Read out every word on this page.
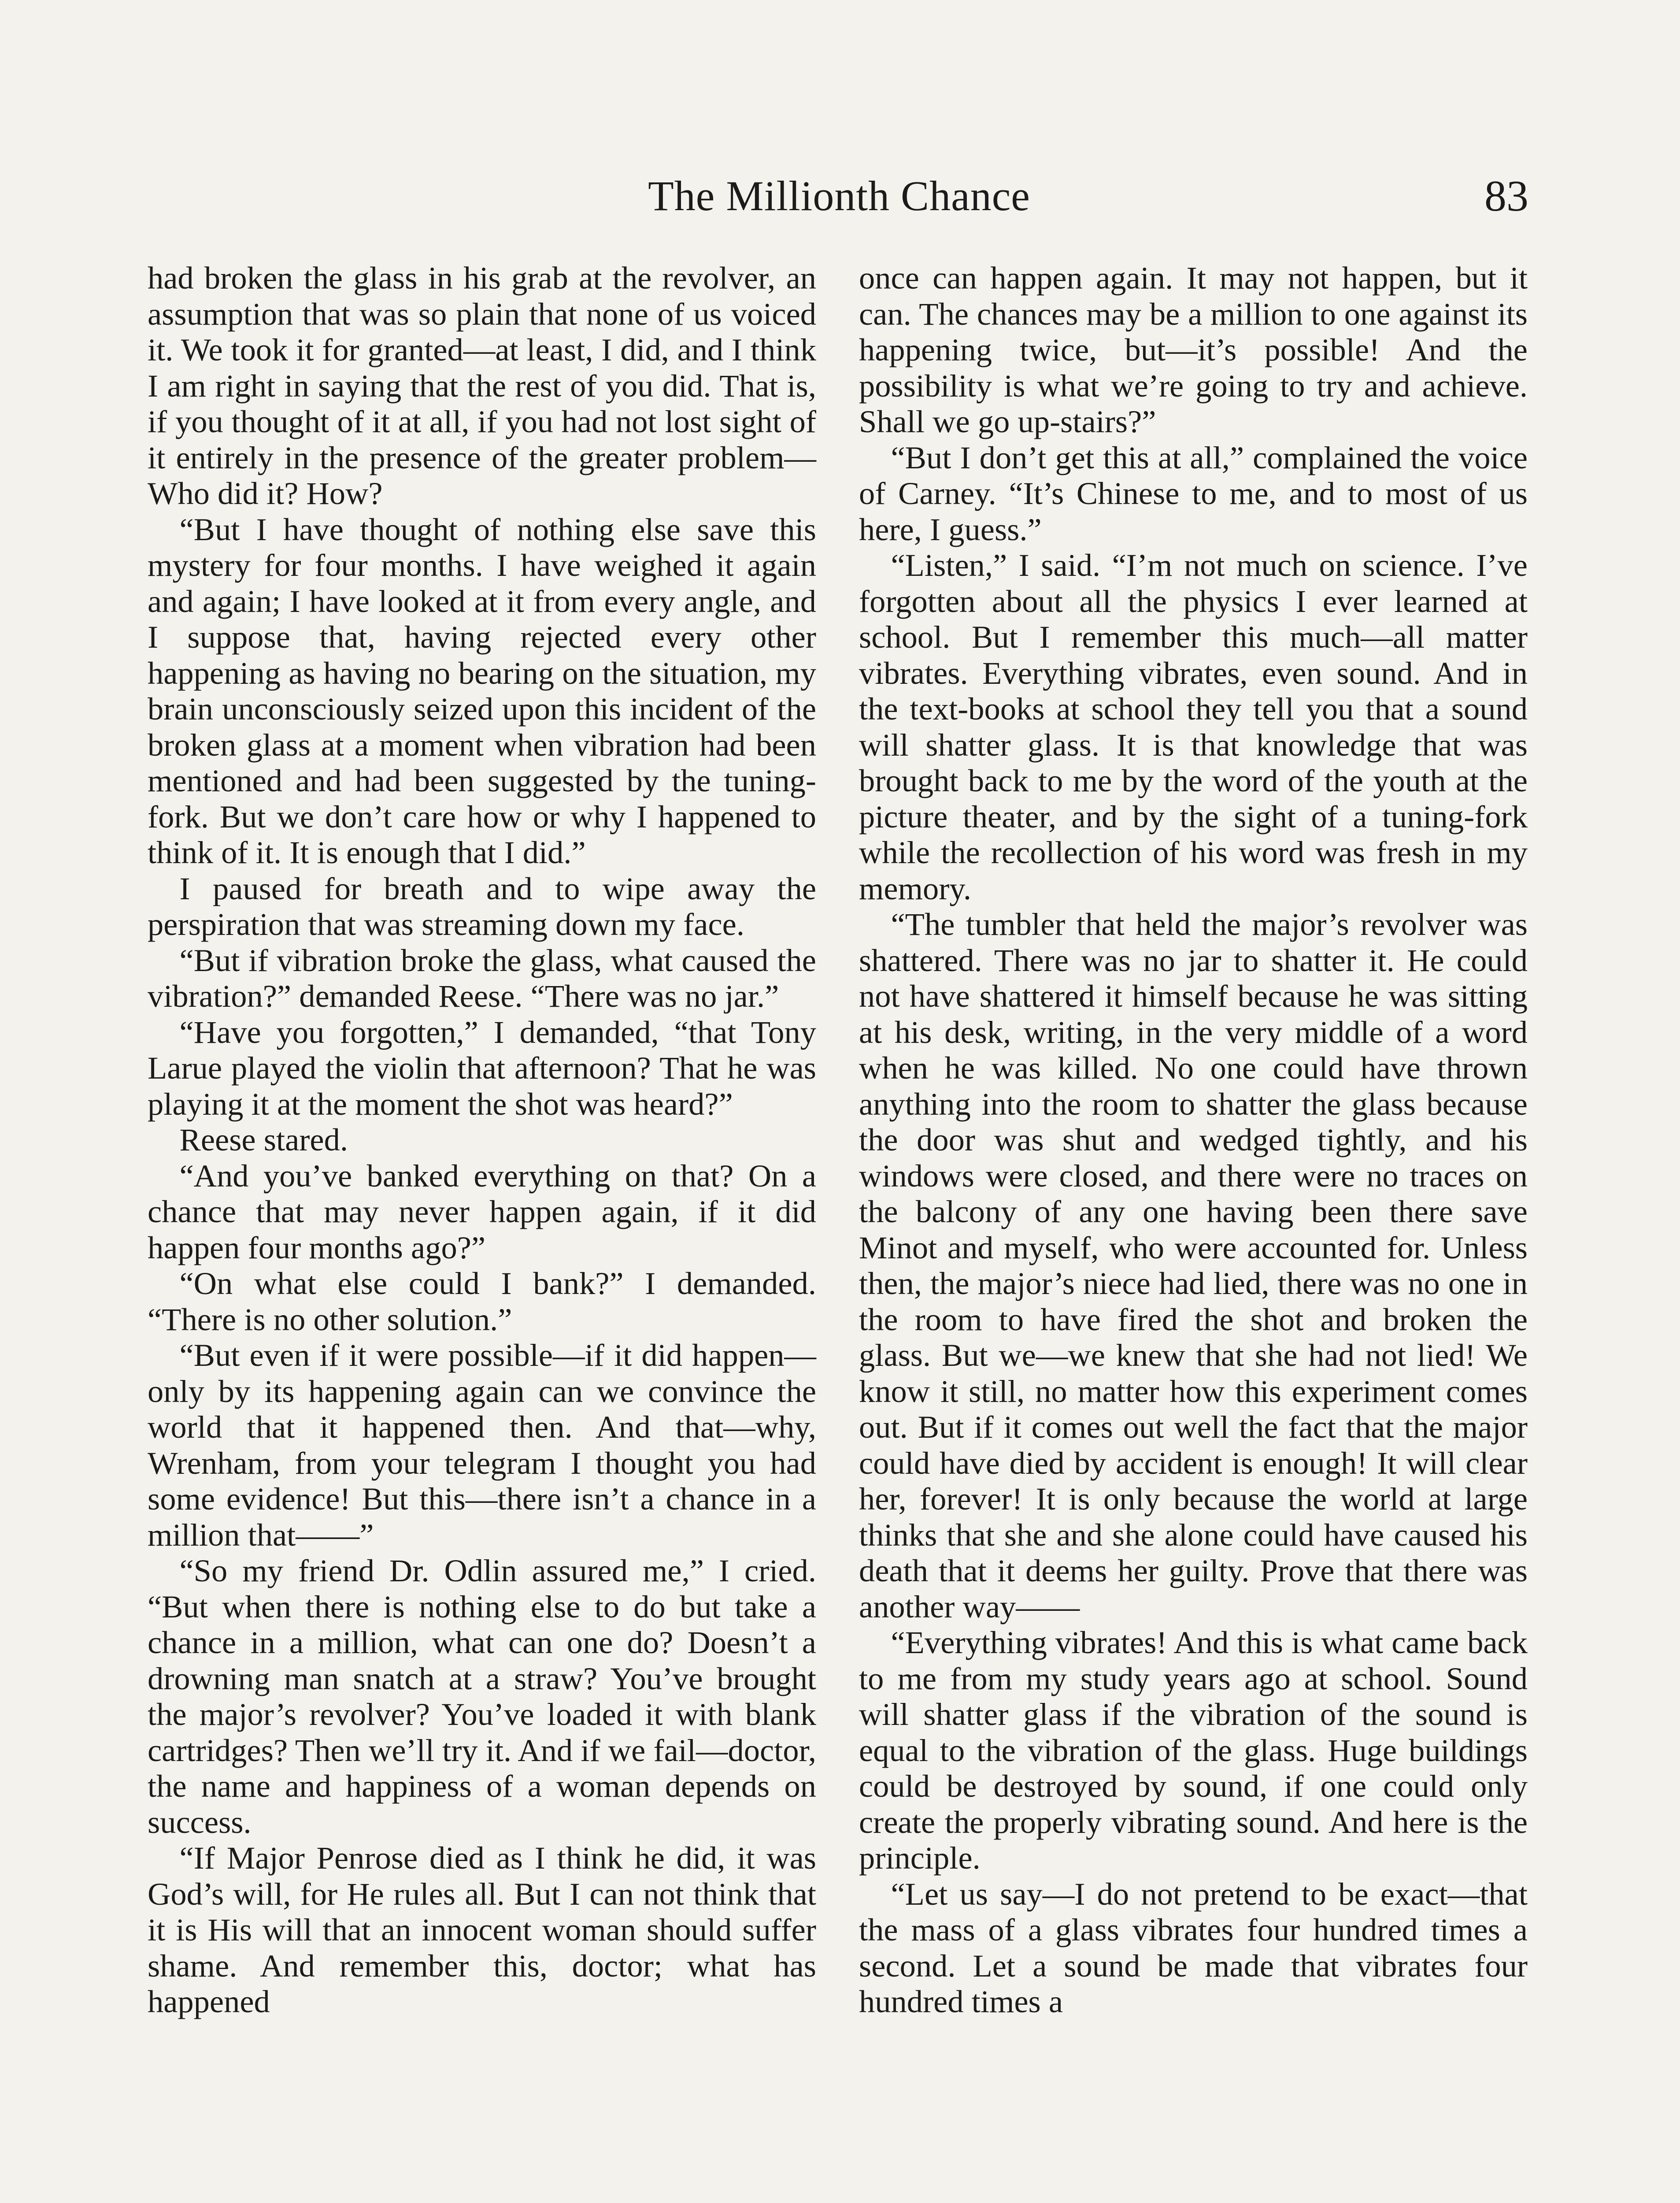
The Millionth Chance	83

had broken the glass in his grab at the revolver, an assumption that was so plain that none of us voiced it. We took it for granted—at least, I did, and I think I am right in saying that the rest of you did. That is, if you thought of it at all, if you had not lost sight of it entirely in the presence of the greater problem—Who did it? How?

“But I have thought of nothing else save this mystery for four months. I have weighed it again and again; I have looked at it from every angle, and I suppose that, having rejected every other happening as having no bearing on the situation, my brain unconsciously seized upon this incident of the broken glass at a moment when vibration had been mentioned and had been suggested by the tuning-fork. But we don’t care how or why I happened to think of it. It is enough that I did.”

I paused for breath and to wipe away the perspiration that was streaming down my face.

“But if vibration broke the glass, what caused the vibration?” demanded Reese. “There was no jar.”

“Have you forgotten,” I demanded, “that Tony Larue played the violin that afternoon? That he was playing it at the moment the shot was heard?”

Reese stared.

“And you’ve banked everything on that? On a chance that may never happen again, if it did happen four months ago?”

“On what else could I bank?” I demanded. “There is no other solution.”

“But even if it were possible—if it did happen—only by its happening again can we convince the world that it happened then. And that—why, Wrenham, from your telegram I thought you had some evidence! But this—there isn’t a chance in a million that——”

“So my friend Dr. Odlin assured me,” I cried. “But when there is nothing else to do but take a chance in a million, what can one do? Doesn’t a drowning man snatch at a straw? You’ve brought the major’s revolver? You’ve loaded it with blank cartridges? Then we’ll try it. And if we fail—doctor, the name and happiness of a woman depends on success.

“If Major Penrose died as I think he did, it was God’s will, for He rules all. But I can not think that it is His will that an innocent woman should suffer shame. And remember this, doctor; what has happened

once can happen again. It may not happen, but it can. The chances may be a million to one against its happening twice, but—it’s possible! And the possibility is what we’re going to try and achieve. Shall we go up-stairs?”

“But I don’t get this at all,” complained the voice of Carney. “It’s Chinese to me, and to most of us here, I guess.”

“Listen,” I said. “I’m not much on science. I’ve forgotten about all the physics I ever learned at school. But I remember this much—all matter vibrates. Everything vibrates, even sound. And in the text-books at school they tell you that a sound will shatter glass. It is that knowledge that was brought back to me by the word of the youth at the picture theater, and by the sight of a tuning-fork while the recollection of his word was fresh in my memory.

“The tumbler that held the major’s revolver was shattered. There was no jar to shatter it. He could not have shattered it himself because he was sitting at his desk, writing, in the very middle of a word when he was killed. No one could have thrown anything into the room to shatter the glass because the door was shut and wedged tightly, and his windows were closed, and there were no traces on the balcony of any one having been there save Minot and myself, who were accounted for. Unless then, the major’s niece had lied, there was no one in the room to have fired the shot and broken the glass. But we—we knew that she had not lied! We know it still, no matter how this experiment comes out. But if it comes out well the fact that the major could have died by accident is enough! It will clear her, forever! It is only because the world at large thinks that she and she alone could have caused his death that it deems her guilty. Prove that there was another way——

“Everything vibrates! And this is what came back to me from my study years ago at school. Sound will shatter glass if the vibration of the sound is equal to the vibration of the glass. Huge buildings could be destroyed by sound, if one could only create the properly vibrating sound. And here is the principle.

“Let us say—I do not pretend to be exact—that the mass of a glass vibrates four hundred times a second. Let a sound be made that vibrates four hundred times a
